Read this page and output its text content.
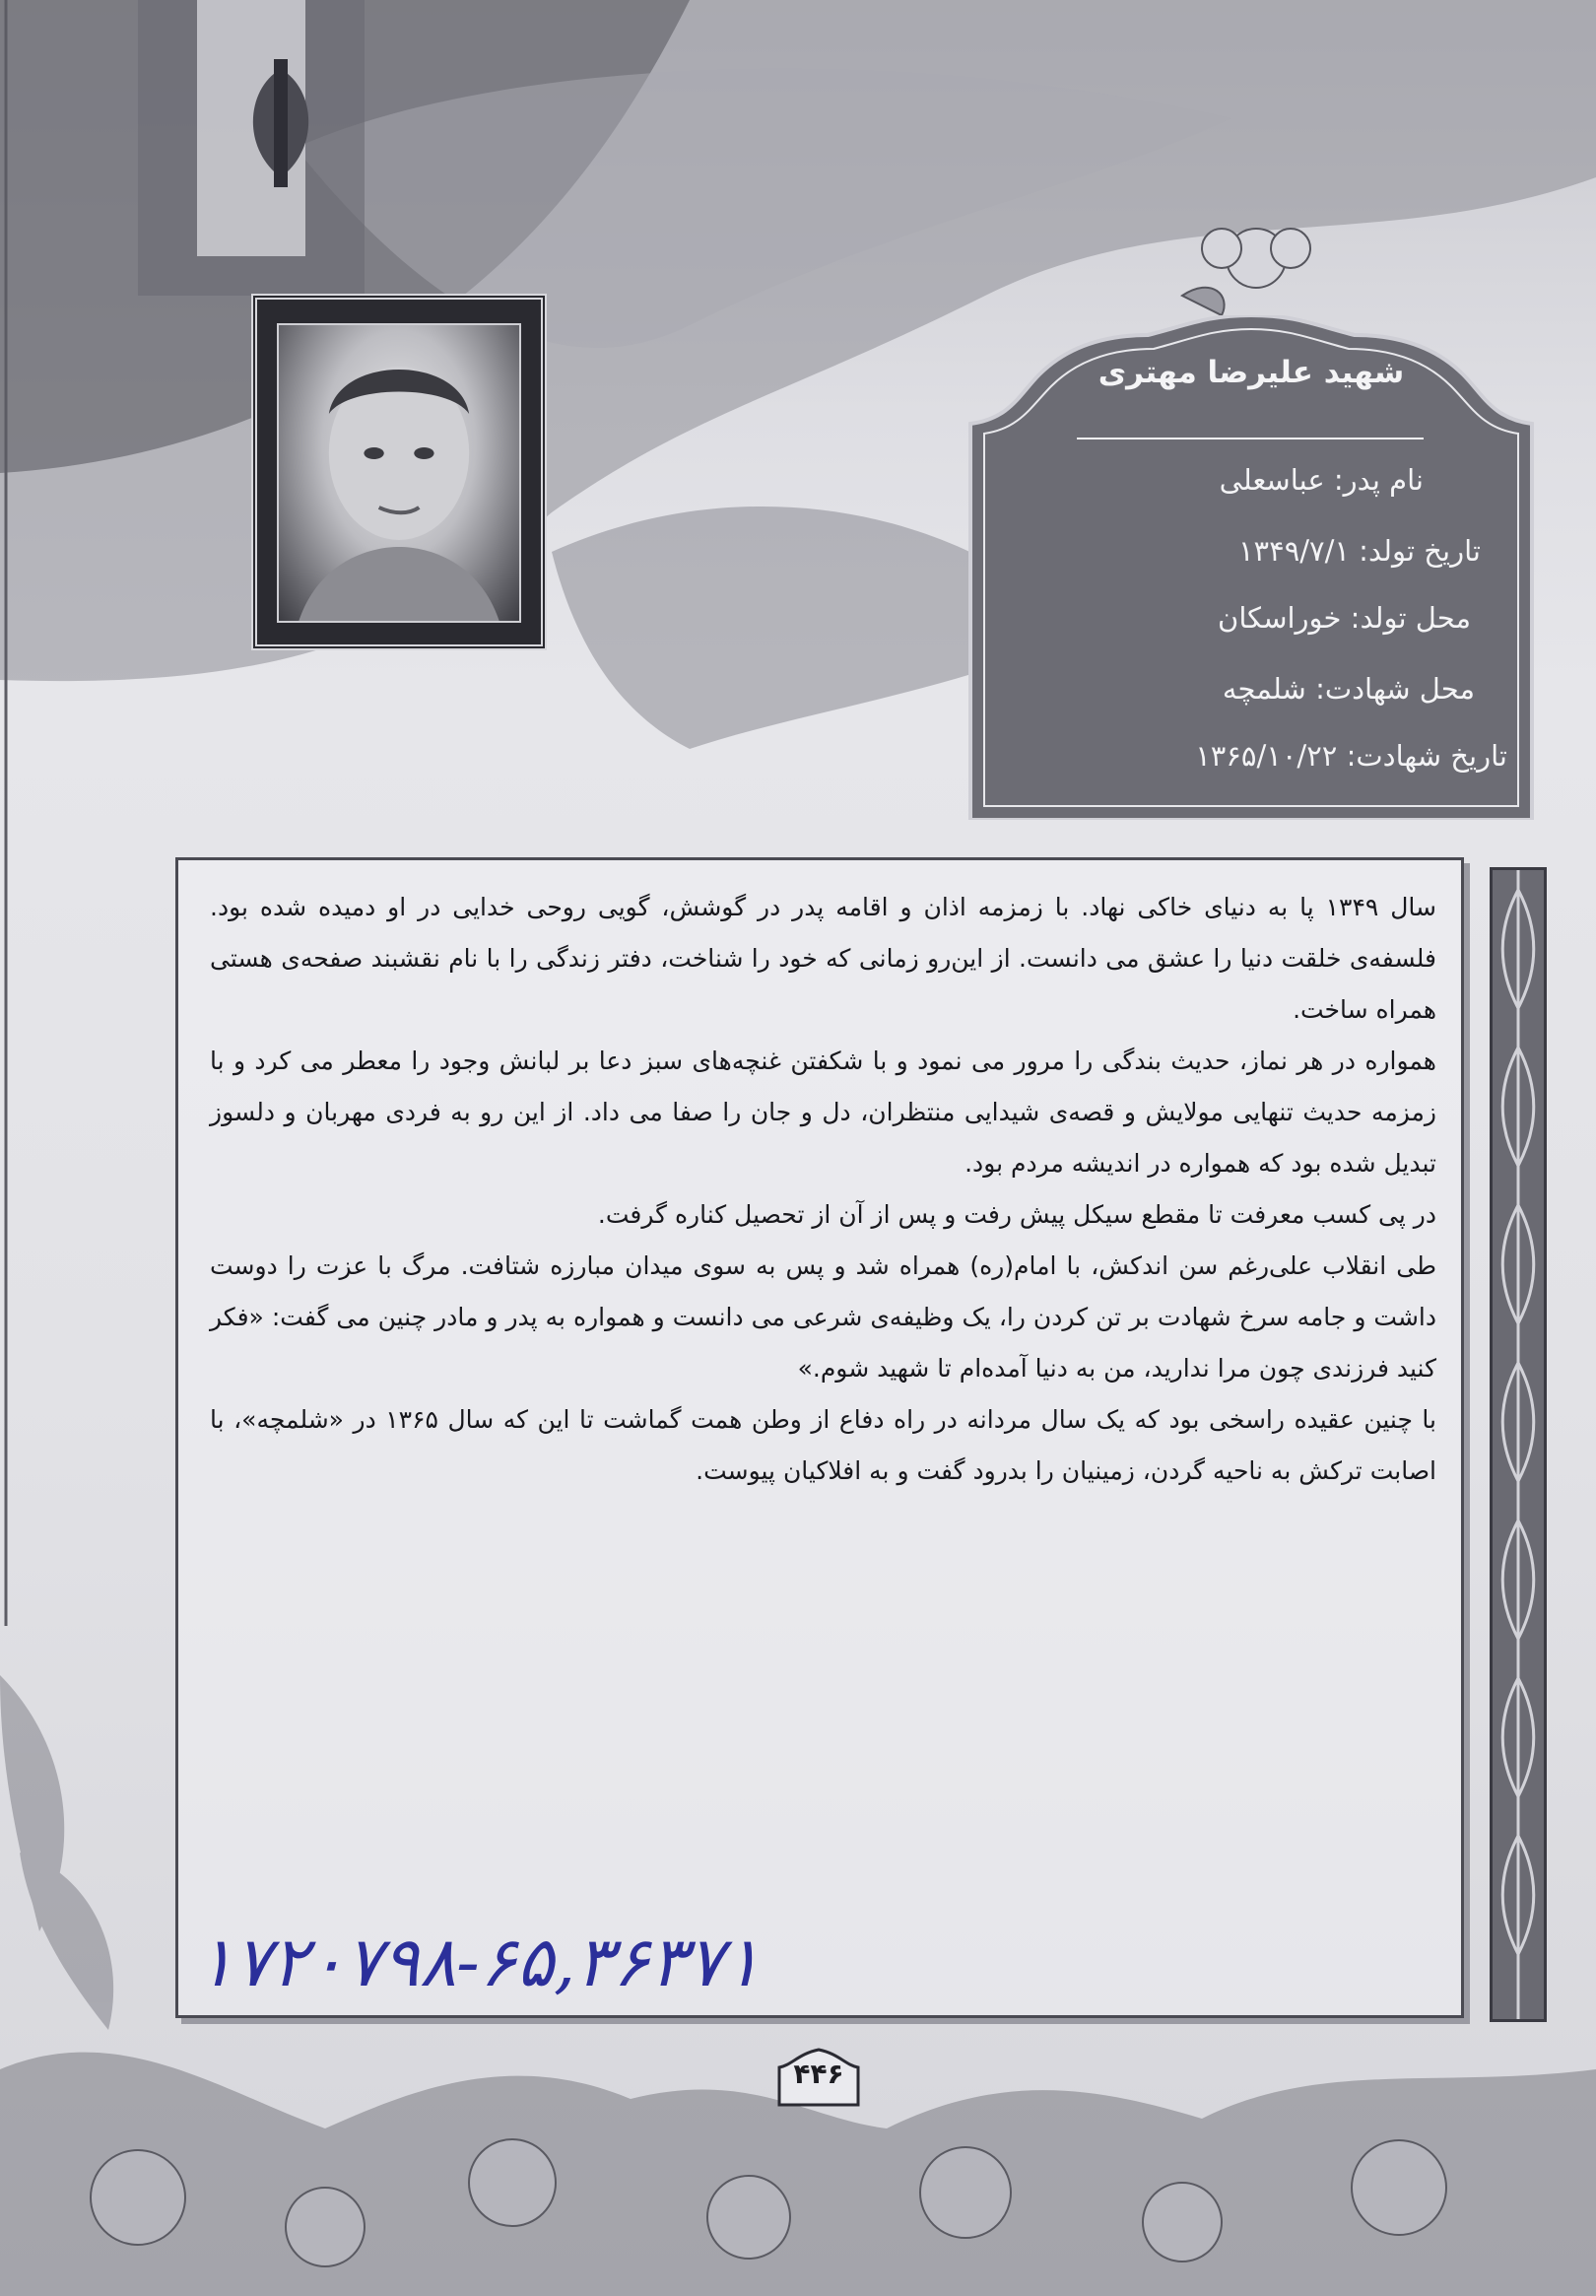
شهید علیرضا مهتری
نام پدر: عباسعلی
تاریخ تولد: ۱۳۴۹/۷/۱
محل تولد: خوراسکان
محل شهادت: شلمچه
تاریخ شهادت: ۱۳۶۵/۱۰/۲۲

سال ۱۳۴۹ پا به دنیای خاکی نهاد. با زمزمه اذان و اقامه پدر در گوشش، گویی روحی خدایی در او دمیده شده بود. فلسفه‌ی خلقت دنیا را عشق می دانست. از این‌رو زمانی که خود را شناخت، دفتر زندگی را با نام نقشبند صفحه‌ی هستی همراه ساخت.

همواره در هر نماز، حدیث بندگی را مرور می نمود و با شکفتن غنچه‌های سبز دعا بر لبانش وجود را معطر می کرد و با زمزمه حدیث تنهایی مولایش و قصه‌ی شیدایی منتظران، دل و جان را صفا می داد. از این رو به فردی مهربان و دلسوز تبدیل شده بود که همواره در اندیشه مردم بود.

در پی کسب معرفت تا مقطع سیکل پیش رفت و پس از آن از تحصیل کناره گرفت.

طی انقلاب علی‌رغم سن اندکش، با امام(ره) همراه شد و پس به سوی میدان مبارزه شتافت. مرگ با عزت را دوست داشت و جامه سرخ شهادت بر تن کردن را، یک وظیفه‌ی شرعی می دانست و همواره به پدر و مادر چنین می گفت: «فکر کنید فرزندی چون مرا ندارید، من به دنیا آمده‌ام تا شهید شوم.»

با چنین عقیده راسخی بود که یک سال مردانه در راه دفاع از وطن همت گماشت تا این که سال ۱۳۶۵ در «شلمچه»، با اصابت ترکش به ناحیه گردن، زمینیان را بدرود گفت و به افلاکیان پیوست.

۱۷۲۰۷۹۸-۶۵,۳۶۳۷۱
۴۴۶
